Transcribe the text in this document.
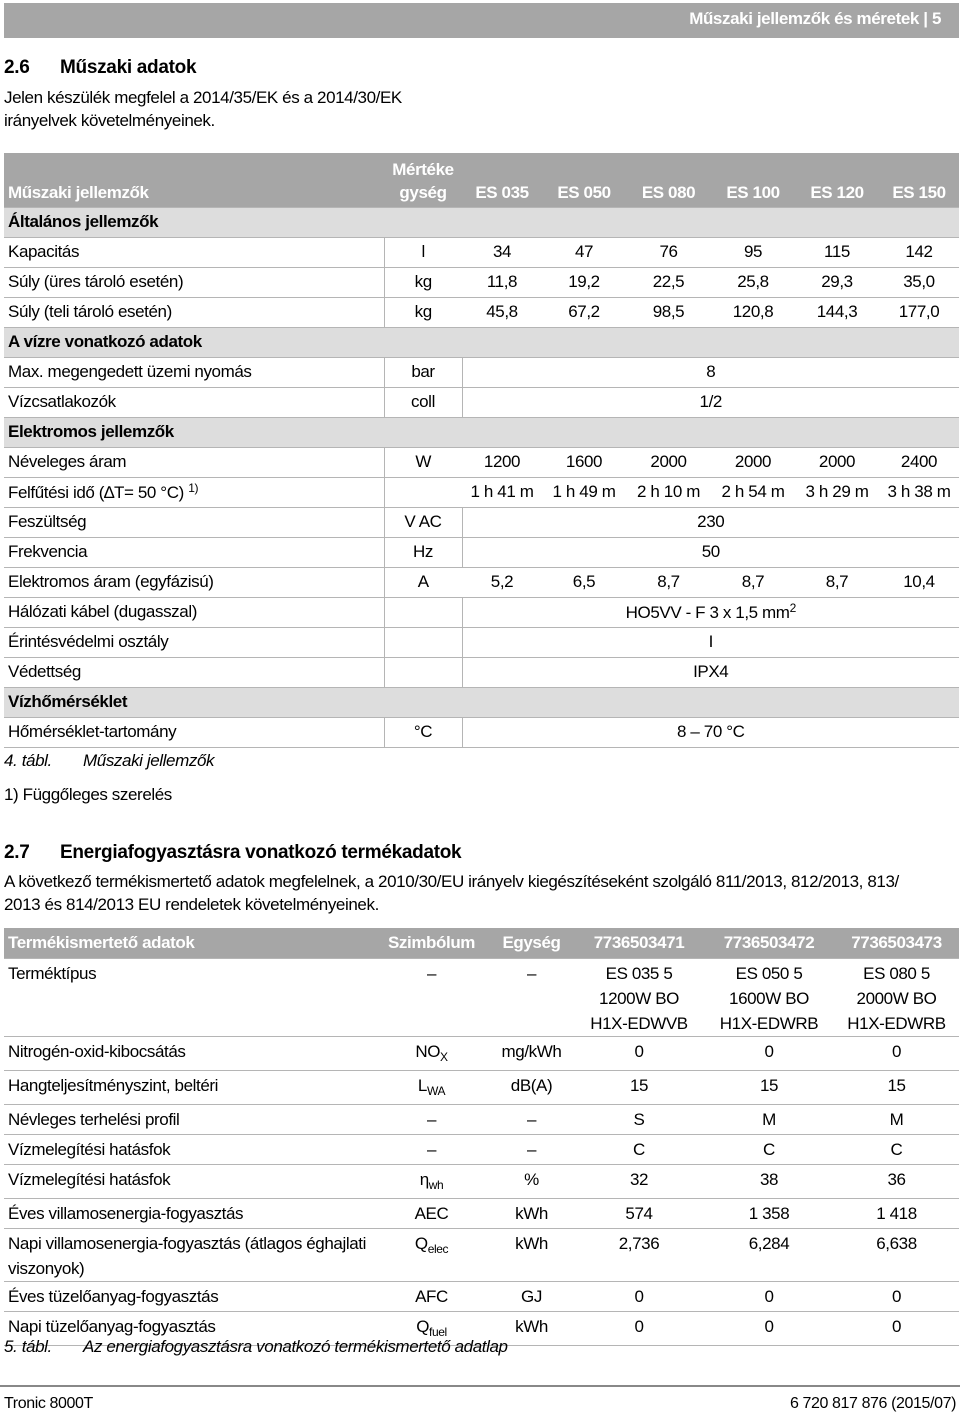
Műszaki jellemzők és méretek | 5
2.6 Műszaki adatok
Jelen készülék megfelel a 2014/35/EK és a 2014/30/EK
irányelvek követelményeinek.
Műszaki jellemzők	Mértéke
gység	ES 035	ES 050	ES 080	ES 100	ES 120	ES 150
Általános jellemzők							
Kapacitás	l	34	47	76	95	115	142
Súly (üres tároló esetén)	kg	11,8	19,2	22,5	25,8	29,3	35,0
Súly (teli tároló esetén)	kg	45,8	67,2	98,5	120,8	144,3	177,0
A vízre vonatkozó adatok							
Max. megengedett üzemi nyomás	bar	8					
Vízcsatlakozók	coll	1/2					
Elektromos jellemzők							
Néveleges áram	W	1200	1600	2000	2000	2000	2400
Felfűtési idő (∆T= 50 °C) $^{1)}$		1 h 41 m	1 h 49 m	2 h 10 m	2 h 54 m	3 h 29 m	3 h 38 m
Feszültség	V AC	230					
Frekvencia	Hz	50					
Elektromos áram (egyfázisú)	A	5,2	6,5	8,7	8,7	8,7	10,4
Hálózati kábel (dugasszal)		HO5VV - F 3 x 1,5 $mm^2$
Érintésvédelmi osztály		I					
Védettség		IPX4					
Vízhőmérséklet							
Hőmérséklet-tartomány	°C	8 – 70 °C					
4. tábl. Műszaki jellemzők
1) Függőleges szerelés
2.7 Energiafogyasztásra vonatkozó termékadatok
A következő termékismertető adatok megfelelnek, a 2010/30/EU irányelv kiegészítéseként szolgáló 811/2013, 812/2013, 813/
2013 és 814/2013 EU rendeletek követelményeinek.
Termékismertető adatok	Szimbólum	Egység	7736503471	7736503472	7736503473
Terméktípus	–	–	ES 035 5
1200W BO
H1X-EDWVB	ES 050 5
1600W BO
H1X-EDWRB	ES 080 5
2000W BO
H1X-EDWRB
Nitrogén-oxid-kibocsátás	$NO_X$	mg/kWh	0	0	0
Hangteljesítményszint, beltéri	$L_{WA}$	dB(A)	15	15	15
Névleges terhelési profil	–	–	S	M	M
Vízmelegítési hatásfok	–	–	C	C	C
Vízmelegítési hatásfok	$\eta_{wh}$	%	32	38	36
Éves villamosenergia-fogyasztás	AEC	kWh	574	1 358	1 418
Napi villamosenergia-fogyasztás (átlagos éghajlati viszonyok)	$Q_{elec}$	kWh	2,736	6,284	6,638
Éves tüzelőanyag-fogyasztás	AFC	GJ	0	0	0
Napi tüzelőanyag-fogyasztás	$Q_{fuel}$	kWh	0	0	0
5. tábl. Az energiafogyasztásra vonatkozó termékismertető adatlap
Tronic 8000T	6 720 817 876 (2015/07)
